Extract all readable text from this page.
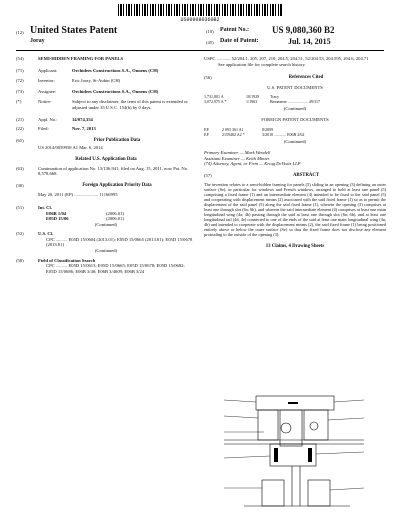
US009080360B2
(12) United States Patent
Joray
(10) Patent No.:	US 9,080,360 B2
(45) Date of Patent:	Jul. 14, 2015
(54)	SEMI-HIDDEN FRAMING FOR PANELS
(71)	Applicant:	Orchidees Constructions S.A., Onnens (CH)
(72)	Inventor:	Eric Joray, St-Aubin (CH)
(73)	Assignee:	Orchidees Constructions S.A., Onnens (CH)
(*)	Notice:	Subject to any disclaimer, the term of this patent is extended or adjusted under 35 U.S.C. 154(b) by 0 days.
(21)	Appl. No.:	14/074,354
(22)	Filed:	Nov. 7, 2013
(65)	Prior Publication Data
US 2014/0059958 A1 Mar. 6, 2014
Related U.S. Application Data
(63)	Continuation of application No. 13/136,941, filed on Aug. 15, 2011, now Pat. No. 8,578,668.
(30)	Foreign Application Priority Data
May 20, 2011 (EP) ..................... 11166995
(51)	Int. Cl.
E06B 1/04	(2006.01)
E05D 15/06	(2006.01)
(Continued)
(52)	U.S. Cl.
CPC .......... E05D 15/0604 (2013.01); E05D 15/0665 (2013.01); E05D 15/0678 (2013.01)
(Continued)
(58)	Field of Classification Search
CPC .......... E05D 15/0613; E05D 15/0665; E05D 15/0678; E05D 15/0682; E05D 15/0686; E06B 3/46; E06B 3/4609; E06B 3/24
USPC ............ 52/204.1, 205, 207, 210, 204.5, 204.51, 52/204.53, 204.595, 204.6, 204.71
See application file for complete search history.
(56)	References Cited
U.S. PATENT DOCUMENTS
1,731,801 A	10/1929	Tracy
3,072,975 A *	1/1963	Bemmerer .................... 49/317
(Continued)
FOREIGN PATENT DOCUMENTS
EP	2 093 361 A1	8/2009
EP	2159482 A2 *	3/2010 ............ E06B 2/62
(Continued)
Primary Examiner — Mark Wendell
Assistant Examiner — Keith Minter
(74) Attorney, Agent, or Firm — Kriug DeVisits LLP
(57)	ABSTRACT
The invention relates to a semi-hidden framing for panels (5) sliding in an opening (3) defining an outer surface (Se), in particular for windows and French windows, arranged to hold at least one panel (5) comprising a fixed frame (1) and an intermediate element (4) intended to be fixed to the said panel (5) and cooperating with displacement means (2) associated with the said fixed frame (1) so as to permit the displacement of the said panel (5) along the said fixed frame (1), wherein the opening (3) comprises at least one through slot (6a; 6b), and wherein the said intermediate element (4) comprises at least one main longitudinal wing (4a; 4b) passing through the said at least one through slot (6a; 6b), and at least one longitudinal rail (4d, 4e) connected to one of the ends of the said at least one main longitudinal wing (4a; 4b) and intended to cooperate with the displacement means (2), the said fixed frame (1) being positioned entirely above or below the outer surface (Se) so that the fixed frame does not disclose any element protruding to the outside of the opening (3).
13 Claims, 4 Drawing Sheets
